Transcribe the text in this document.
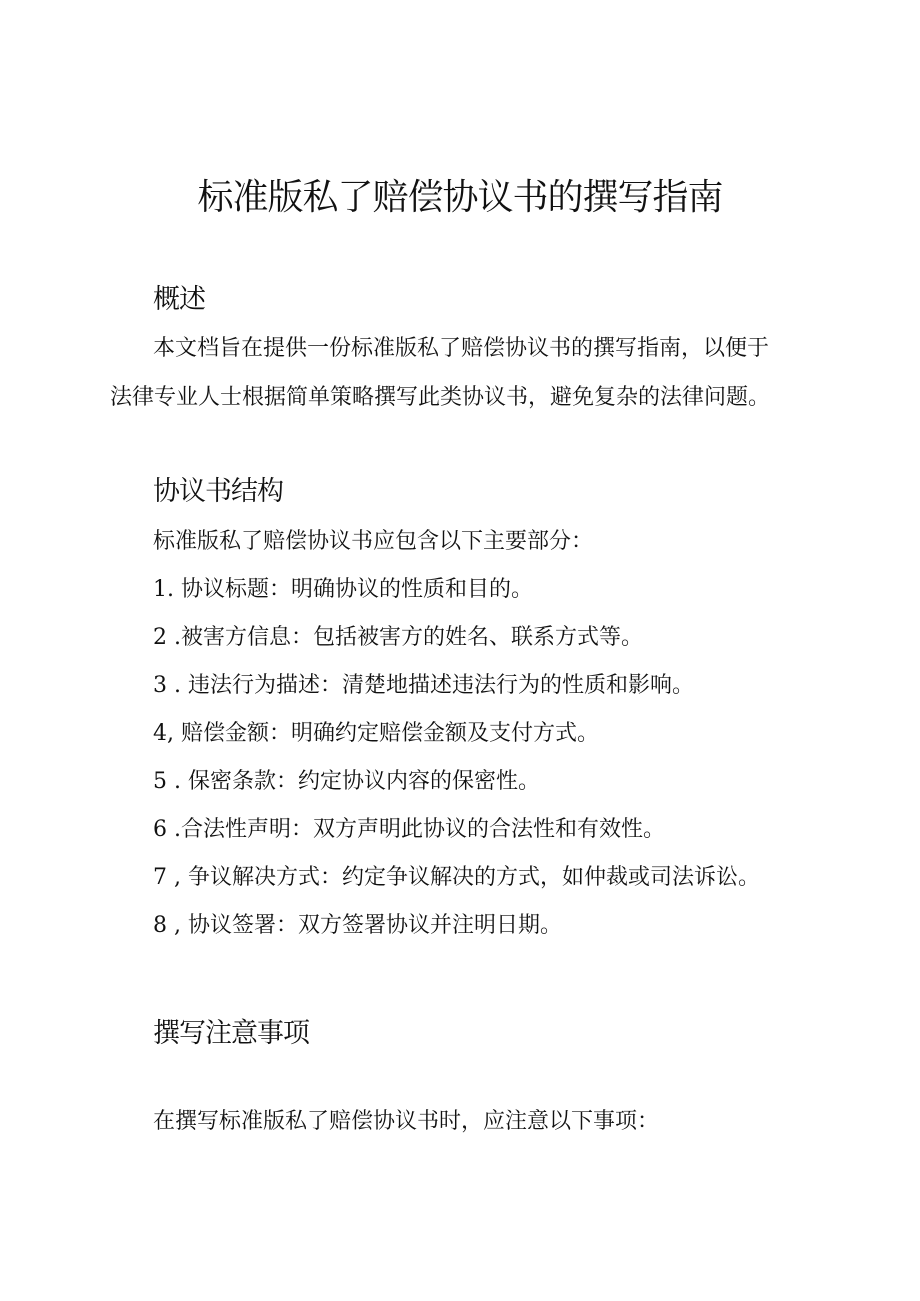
标准版私了赔偿协议书的撰写指南
概述

本文档旨在提供一份标准版私了赔偿协议书的撰写指南，以便于

法律专业人士根据简单策略撰写此类协议书，避免复杂的法律问题。

协议书结构

标准版私了赔偿协议书应包含以下主要部分：

1. 协议标题：明确协议的性质和目的。

2 .被害方信息：包括被害方的姓名、联系方式等。

3 . 违法行为描述：清楚地描述违法行为的性质和影响。

4, 赔偿金额：明确约定赔偿金额及支付方式。

5 . 保密条款：约定协议内容的保密性。

6 .合法性声明：双方声明此协议的合法性和有效性。

7 , 争议解决方式：约定争议解决的方式，如仲裁或司法诉讼。

8 , 协议签署：双方签署协议并注明日期。

撰写注意事项

在撰写标准版私了赔偿协议书时，应注意以下事项：
